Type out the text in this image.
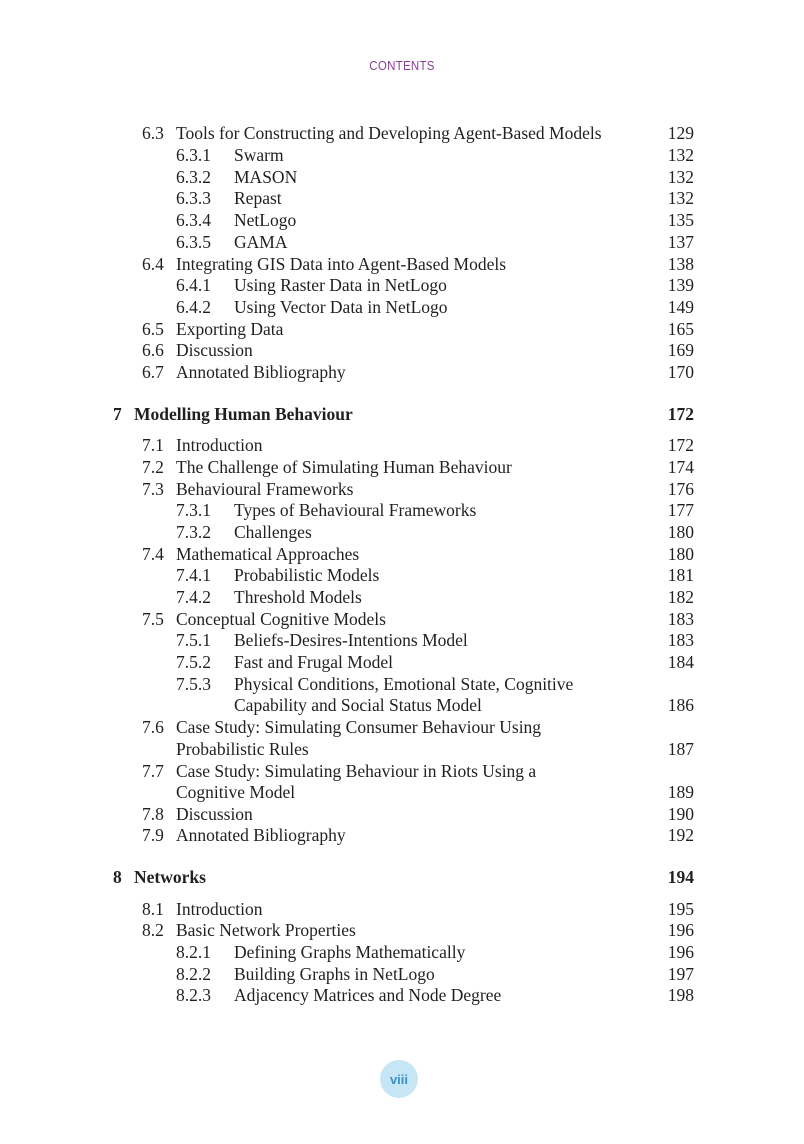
CONTENTS
6.3 Tools for Constructing and Developing Agent-Based Models	129
6.3.1 Swarm	132
6.3.2 MASON	132
6.3.3 Repast	132
6.3.4 NetLogo	135
6.3.5 GAMA	137
6.4 Integrating GIS Data into Agent-Based Models	138
6.4.1 Using Raster Data in NetLogo	139
6.4.2 Using Vector Data in NetLogo	149
6.5 Exporting Data	165
6.6 Discussion	169
6.7 Annotated Bibliography	170
7 Modelling Human Behaviour	172
7.1 Introduction	172
7.2 The Challenge of Simulating Human Behaviour	174
7.3 Behavioural Frameworks	176
7.3.1 Types of Behavioural Frameworks	177
7.3.2 Challenges	180
7.4 Mathematical Approaches	180
7.4.1 Probabilistic Models	181
7.4.2 Threshold Models	182
7.5 Conceptual Cognitive Models	183
7.5.1 Beliefs-Desires-Intentions Model	183
7.5.2 Fast and Frugal Model	184
7.5.3 Physical Conditions, Emotional State, Cognitive
Capability and Social Status Model	186
7.6 Case Study: Simulating Consumer Behaviour Using
Probabilistic Rules	187
7.7 Case Study: Simulating Behaviour in Riots Using a
Cognitive Model	189
7.8 Discussion	190
7.9 Annotated Bibliography	192
8 Networks	194
8.1 Introduction	195
8.2 Basic Network Properties	196
8.2.1 Defining Graphs Mathematically	196
8.2.2 Building Graphs in NetLogo	197
8.2.3 Adjacency Matrices and Node Degree	198
viii
